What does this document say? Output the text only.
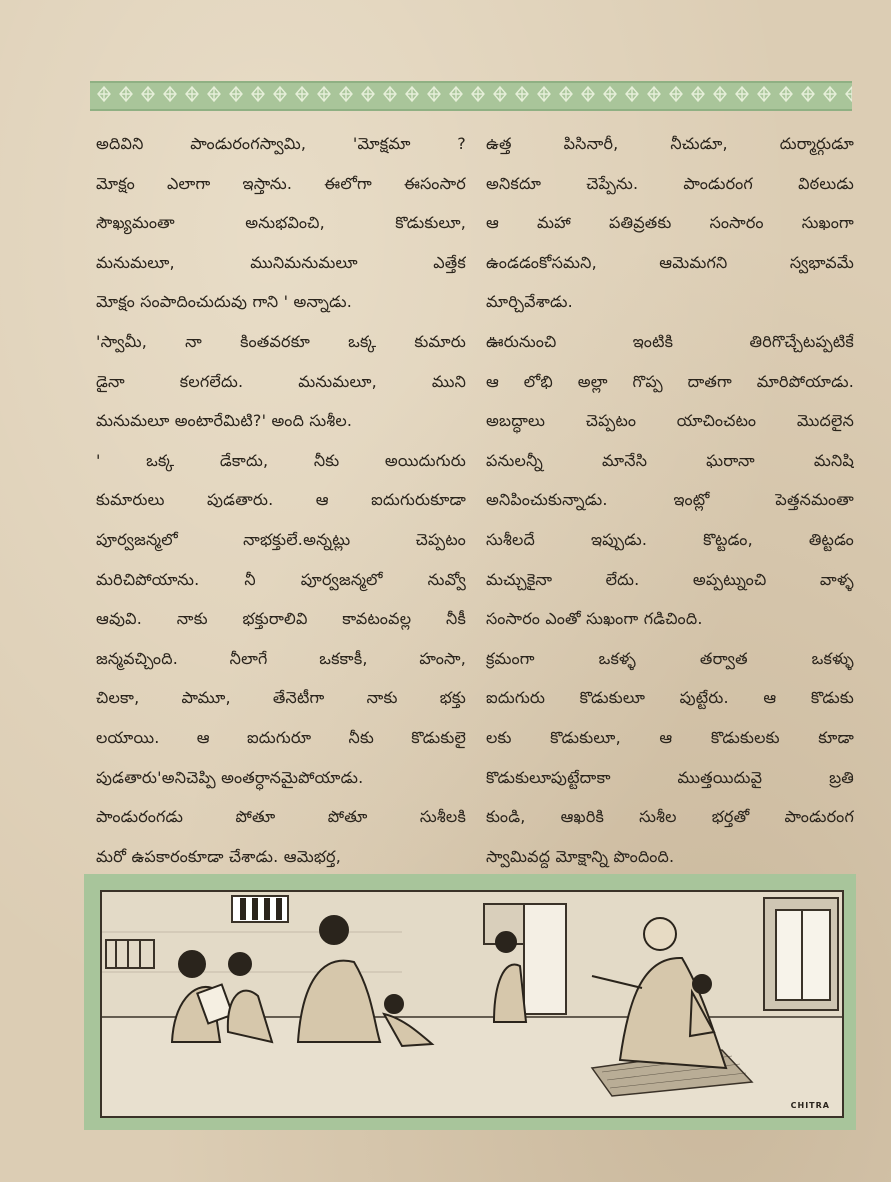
అదివిని పాండురంగస్వామి, 'మోక్షమా ?
మోక్షం ఎలాగా ఇస్తాను. ఈలోగా ఈసంసార
సౌఖ్యమంతా అనుభవించి, కొడుకులూ,
మనుమలూ, మునిమనుమలూ ఎత్తేక
మోక్షం సంపాదించుదువు గాని ' అన్నాడు.
'స్వామీ, నా కింతవరకూ ఒక్క కుమారు
డైనా కలగలేదు. మనుమలూ, ముని
మనుమలూ అంటారేమిటి?' అంది సుశీల.
' ఒక్క డేకాదు, నీకు అయిదుగురు
కుమారులు పుడతారు. ఆ ఐదుగురుకూడా
పూర్వజన్మలో నాభక్తులే.అన్నట్లు చెప్పటం
మరిచిపోయాను. నీ పూర్వజన్మలో నువ్వో
ఆవువి. నాకు భక్తురాలివి కావటంవల్ల నీకీ
జన్మవచ్చింది. నీలాగే ఒకకాకీ, హంసా,
చిలకా, పామూ, తేనెటీగా నాకు భక్తు
లయాయి. ఆ ఐదుగురూ నీకు కొడుకులై
పుడతారు'అనిచెప్పి అంతర్ధానమైపోయాడు.
పాండురంగడు పోతూ పోతూ సుశీలకి
మరో ఉపకారంకూడా చేశాడు. ఆమెభర్త,
ఉత్త పిసినారీ, నీచుడూ, దుర్మార్గుడూ
అనికదూ చెప్పేను. పాండురంగ విఠలుడు
ఆ మహా పతివ్రతకు సంసారం సుఖంగా
ఉండడంకోసమని, ఆమెమగని స్వభావమే
మార్చివేశాడు.
ఊరునుంచి ఇంటికి తిరిగొచ్చేటప్పటికే
ఆ లోభి అల్లా గొప్ప దాతగా మారిపోయాడు.
అబద్ధాలు చెప్పటం యాచించటం మొదలైన
పనులన్నీ మానేసి ఘరానా మనిషి
అనిపించుకున్నాడు. ఇంట్లో పెత్తనమంతా
సుశీలదే ఇప్పుడు. కొట్టడం, తిట్టడం
మచ్చుకైనా లేదు. అప్పట్నుంచి వాళ్ళ
సంసారం ఎంతో సుఖంగా గడిచింది.
క్రమంగా ఒకళ్ళ తర్వాత ఒకళ్ళు
ఐదుగురు కొడుకులూ పుట్టేరు. ఆ కొడుకు
లకు కొడుకులూ, ఆ కొడుకులకు కూడా
కొడుకులూపుట్టేదాకా ముత్తయిదువై బ్రతి
కుండి, ఆఖరికి సుశీల భర్తతో పాండురంగ
స్వామివద్ద మోక్షాన్ని పొందింది.
CHITRA
